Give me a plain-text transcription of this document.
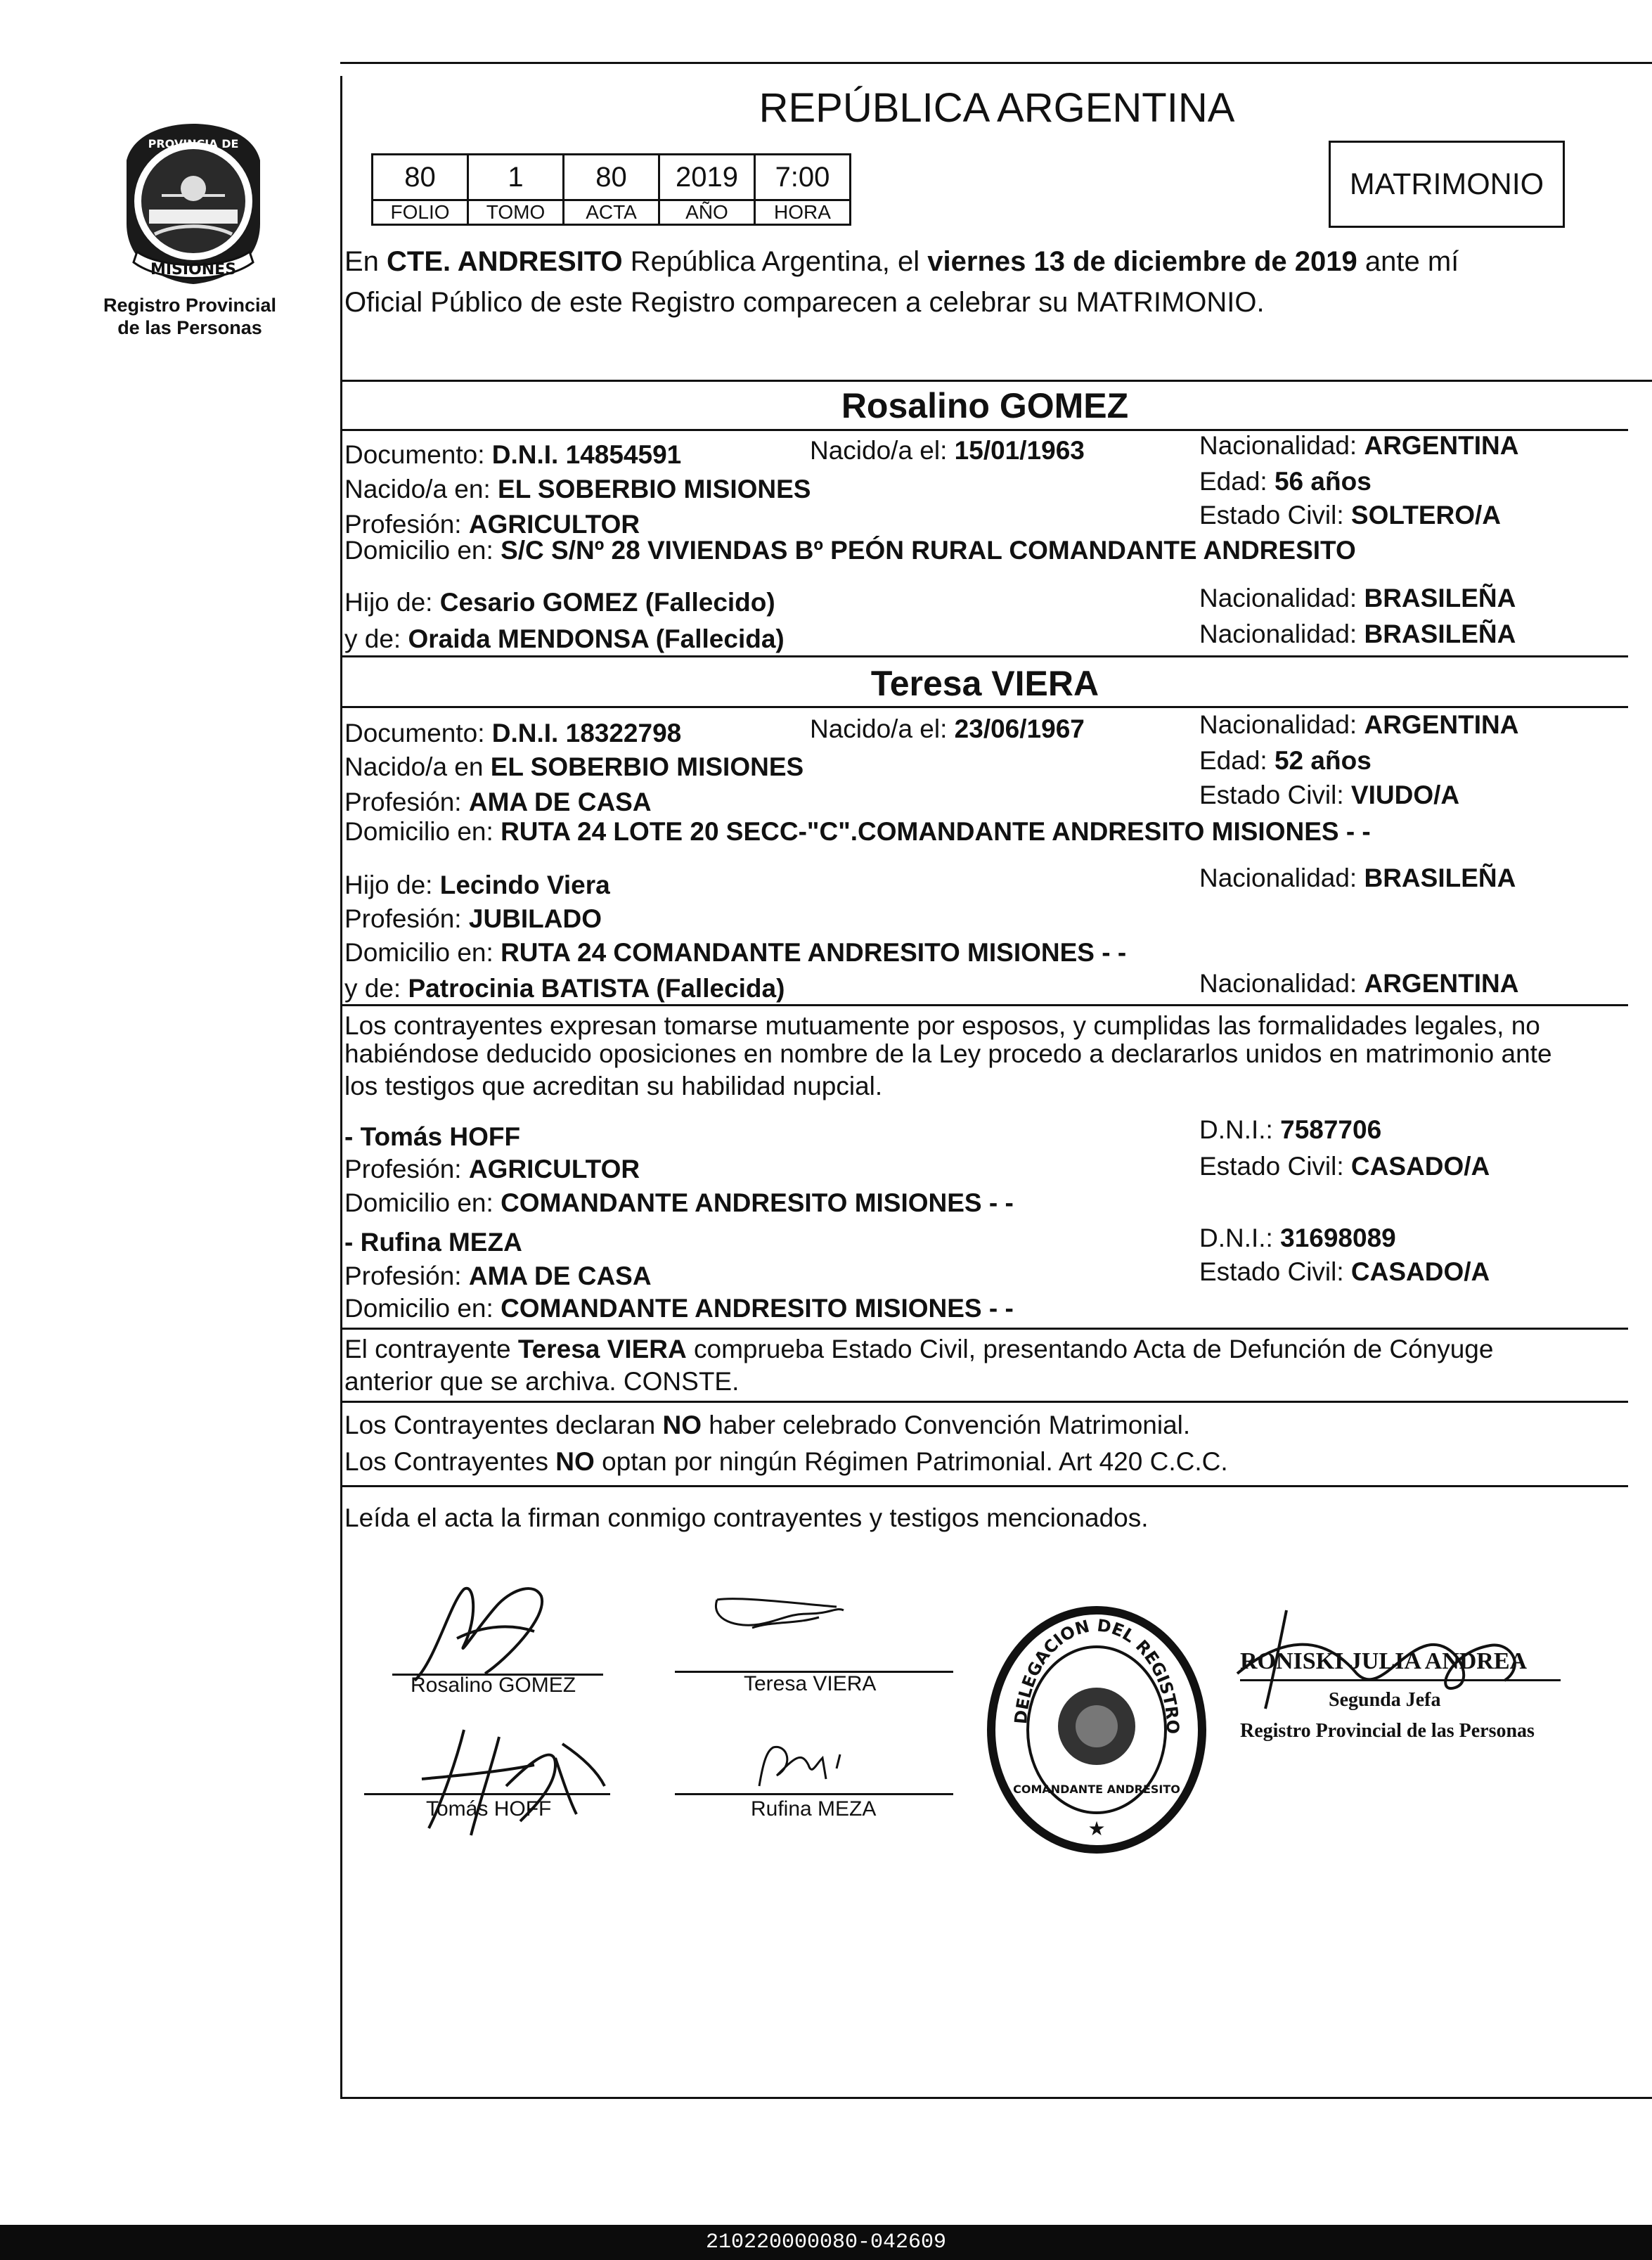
MISIONES
PROVINCIA DE
Registro Provincial
de las Personas
REPÚBLICA ARGENTINA
80	1	80	2019	7:00
FOLIO	TOMO	ACTA	AÑO	HORA
MATRIMONIO
En CTE. ANDRESITO República Argentina, el viernes 13 de diciembre de 2019 ante mí
Oficial Público de este Registro comparecen a celebrar su MATRIMONIO.
Rosalino GOMEZ
Documento: D.N.I. 14854591	Nacido/a el: 15/01/1963	Nacionalidad: ARGENTINA
Nacido/a en: EL SOBERBIO MISIONES	Edad: 56 años
Profesión: AGRICULTOR	Estado Civil: SOLTERO/A
Domicilio en: S/C S/Nº 28 VIVIENDAS Bº PEÓN RURAL COMANDANTE ANDRESITO
Hijo de: Cesario GOMEZ (Fallecido)	Nacionalidad: BRASILEÑA
y de: Oraida MENDONSA (Fallecida)	Nacionalidad: BRASILEÑA
Teresa VIERA
Documento: D.N.I. 18322798	Nacido/a el: 23/06/1967	Nacionalidad: ARGENTINA
Nacido/a en EL SOBERBIO MISIONES	Edad: 52 años
Profesión: AMA DE CASA	Estado Civil: VIUDO/A
Domicilio en: RUTA 24 LOTE 20 SECC-"C".COMANDANTE ANDRESITO MISIONES - -
Hijo de: Lecindo Viera	Nacionalidad: BRASILEÑA
Profesión: JUBILADO
Domicilio en: RUTA 24 COMANDANTE ANDRESITO MISIONES - -
y de: Patrocinia BATISTA (Fallecida)	Nacionalidad: ARGENTINA
Los contrayentes expresan tomarse mutuamente por esposos, y cumplidas las formalidades legales, no
habiéndose deducido oposiciones en nombre de la Ley procedo a declararlos unidos en matrimonio ante
los testigos que acreditan su habilidad nupcial.
- Tomás HOFF	D.N.I.: 7587706
Profesión: AGRICULTOR	Estado Civil: CASADO/A
Domicilio en: COMANDANTE ANDRESITO MISIONES - -
- Rufina MEZA	D.N.I.: 31698089
Profesión: AMA DE CASA	Estado Civil: CASADO/A
Domicilio en: COMANDANTE ANDRESITO MISIONES - -
El contrayente Teresa VIERA comprueba Estado Civil, presentando Acta de Defunción de Cónyuge
anterior que se archiva. CONSTE.
Los Contrayentes declaran NO haber celebrado Convención Matrimonial.
Los Contrayentes NO optan por ningún Régimen Patrimonial. Art 420 C.C.C.
Leída el acta la firman conmigo contrayentes y testigos mencionados.
Rosalino GOMEZ	Teresa VIERA
Tomás HOFF	Rufina MEZA
DELEGACION DEL REGISTRO
COMANDANTE ANDRESITO
★
RONISKI JULIA ANDREA
Segunda Jefa
Registro Provincial de las Personas
210220000080-042609
